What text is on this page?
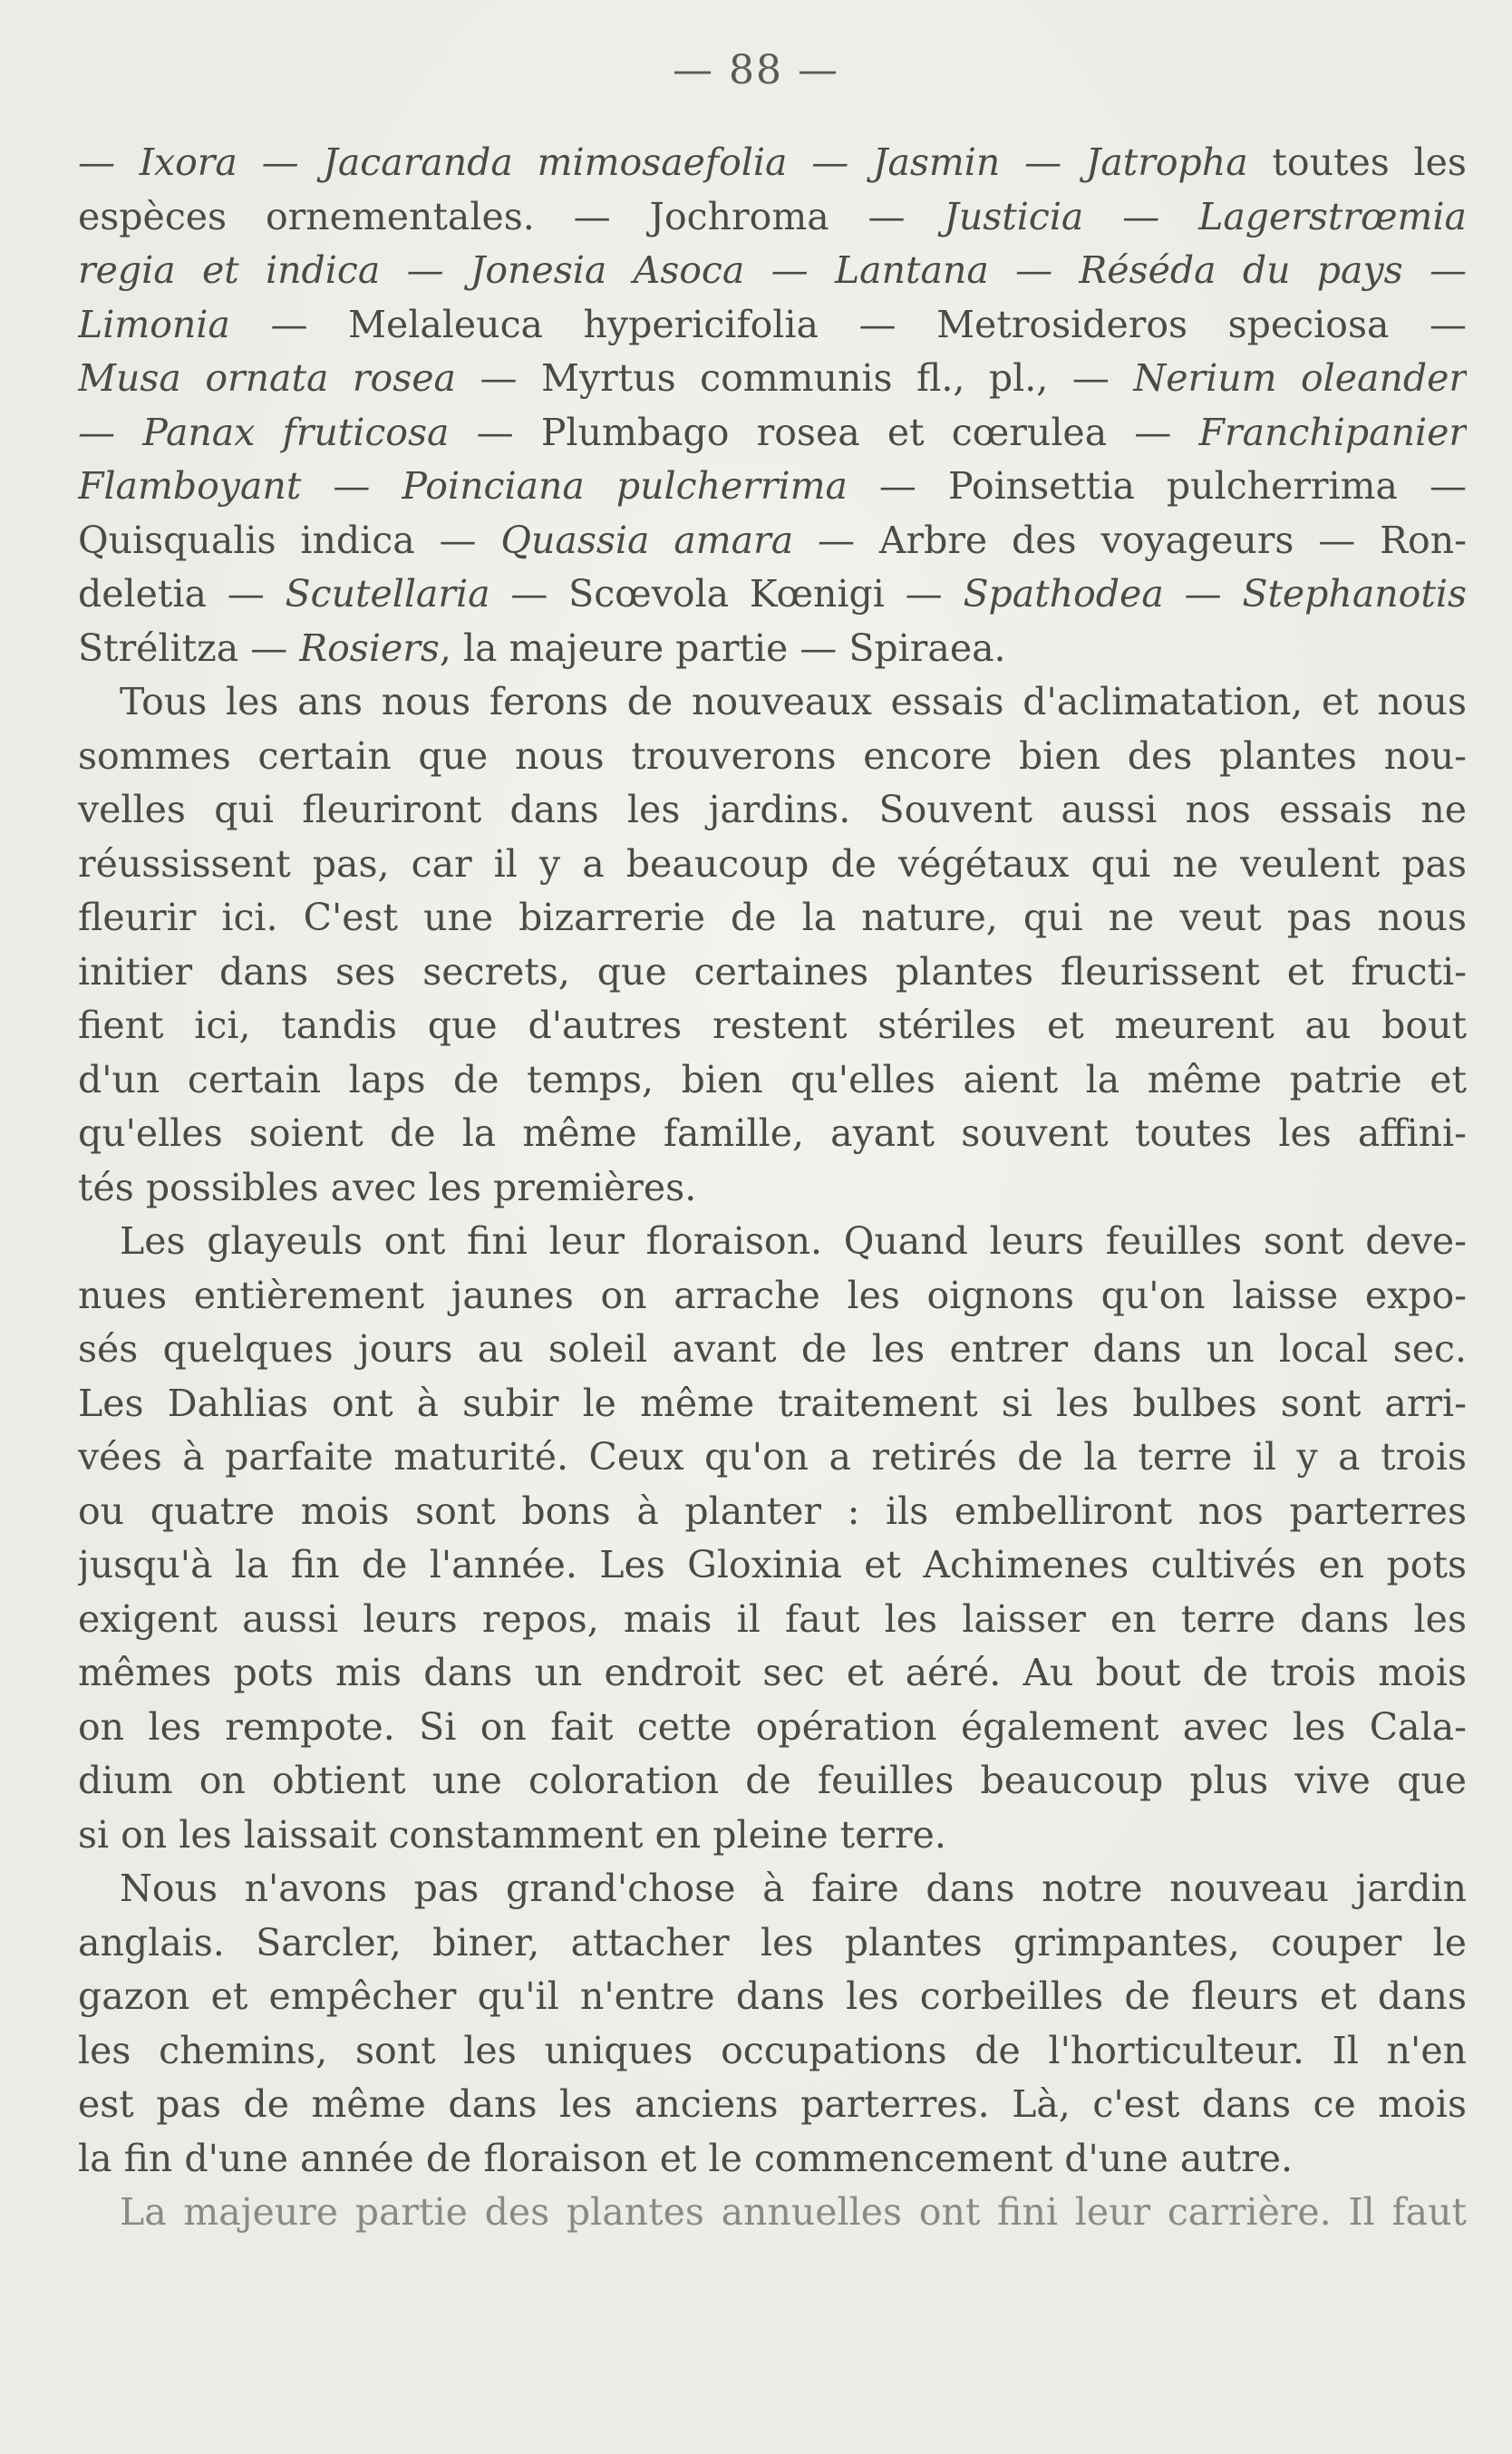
— 88 —
— Ixora — Jacaranda mimosaefolia — Jasmin — Jatropha toutes les
espèces ornementales. — Jochroma — Justicia — Lagerstrœmia
regia et indica — Jonesia Asoca — Lantana — Réséda du pays —
Limonia — Melaleuca hypericifolia — Metrosideros speciosa —
Musa ornata rosea — Myrtus communis fl., pl., — Nerium oleander
— Panax fruticosa — Plumbago rosea et cœrulea — Franchipanier
Flamboyant — Poinciana pulcherrima — Poinsettia pulcherrima —
Quisqualis indica — Quassia amara — Arbre des voyageurs — Ron-
deletia — Scutellaria — Scœvola Kœnigi — Spathodea — Stephanotis
Strélitza — Rosiers, la majeure partie — Spiraea.
Tous les ans nous ferons de nouveaux essais d'aclimatation, et nous
sommes certain que nous trouverons encore bien des plantes nou-
velles qui fleuriront dans les jardins. Souvent aussi nos essais ne
réussissent pas, car il y a beaucoup de végétaux qui ne veulent pas
fleurir ici. C'est une bizarrerie de la nature, qui ne veut pas nous
initier dans ses secrets, que certaines plantes fleurissent et fructi-
fient ici, tandis que d'autres restent stériles et meurent au bout
d'un certain laps de temps, bien qu'elles aient la même patrie et
qu'elles soient de la même famille, ayant souvent toutes les affini-
tés possibles avec les premières.
Les glayeuls ont fini leur floraison. Quand leurs feuilles sont deve-
nues entièrement jaunes on arrache les oignons qu'on laisse expo-
sés quelques jours au soleil avant de les entrer dans un local sec.
Les Dahlias ont à subir le même traitement si les bulbes sont arri-
vées à parfaite maturité. Ceux qu'on a retirés de la terre il y a trois
ou quatre mois sont bons à planter : ils embelliront nos parterres
jusqu'à la fin de l'année. Les Gloxinia et Achimenes cultivés en pots
exigent aussi leurs repos, mais il faut les laisser en terre dans les
mêmes pots mis dans un endroit sec et aéré. Au bout de trois mois
on les rempote. Si on fait cette opération également avec les Cala-
dium on obtient une coloration de feuilles beaucoup plus vive que
si on les laissait constamment en pleine terre.
Nous n'avons pas grand'chose à faire dans notre nouveau jardin
anglais. Sarcler, biner, attacher les plantes grimpantes, couper le
gazon et empêcher qu'il n'entre dans les corbeilles de fleurs et dans
les chemins, sont les uniques occupations de l'horticulteur. Il n'en
est pas de même dans les anciens parterres. Là, c'est dans ce mois
la fin d'une année de floraison et le commencement d'une autre.
La majeure partie des plantes annuelles ont fini leur carrière. Il faut
